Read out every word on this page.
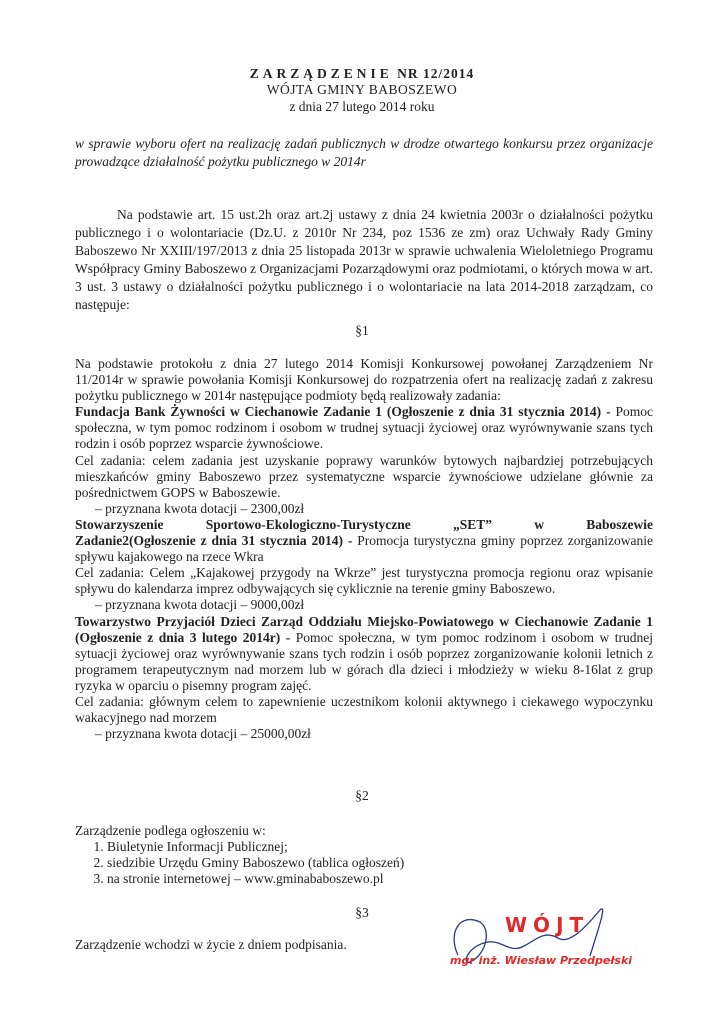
ZARZĄDZENIE NR 12/2014
WÓJTA GMINY BABOSZEWO
z dnia 27 lutego 2014 roku
w sprawie wyboru ofert na realizację zadań publicznych w drodze otwartego konkursu przez organizacje prowadzące działalność pożytku publicznego w 2014r
Na podstawie art. 15 ust.2h oraz art.2j ustawy z dnia 24 kwietnia 2003r o działalności pożytku publicznego i o wolontariacie (Dz.U. z 2010r Nr 234, poz 1536 ze zm) oraz Uchwały Rady Gminy Baboszewo Nr XXIII/197/2013 z dnia 25 listopada 2013r w sprawie uchwalenia Wieloletniego Programu Współpracy Gminy Baboszewo z Organizacjami Pozarządowymi oraz podmiotami, o których mowa w art. 3 ust. 3 ustawy o działalności pożytku publicznego i o wolontariacie na lata 2014-2018 zarządzam, co następuje:
§1

Na podstawie protokołu z dnia 27 lutego 2014 Komisji Konkursowej powołanej Zarządzeniem Nr 11/2014r w sprawie powołania Komisji Konkursowej do rozpatrzenia ofert na realizację zadań z zakresu pożytku publicznego w 2014r następujące podmioty będą realizowały zadania:

Fundacja Bank Żywności w Ciechanowie Zadanie 1 (Ogłoszenie z dnia 31 stycznia 2014) - Pomoc społeczna, w tym pomoc rodzinom i osobom w trudnej sytuacji życiowej oraz wyrównywanie szans tych rodzin i osób poprzez wsparcie żywnościowe.

Cel zadania: celem zadania jest uzyskanie poprawy warunków bytowych najbardziej potrzebujących mieszkańców gminy Baboszewo przez systematyczne wsparcie żywnościowe udzielane głównie za pośrednictwem GOPS w Baboszewie.

– przyznana kwota dotacji – 2300,00zł

Stowarzyszenie	Sportowo-Ekologiczno-Turystyczne	„SET”	w	Baboszewie

Zadanie2(Ogłoszenie z dnia 31 stycznia 2014) - Promocja turystyczna gminy poprzez zorganizowanie spływu kajakowego na rzece Wkra

Cel zadania: Celem „Kajakowej przygody na Wkrze” jest turystyczna promocja regionu oraz wpisanie spływu do kalendarza imprez odbywających się cyklicznie na terenie gminy Baboszewo.

– przyznana kwota dotacji – 9000,00zł

Towarzystwo Przyjaciół Dzieci Zarząd Oddziału Miejsko-Powiatowego w Ciechanowie Zadanie 1 (Ogłoszenie z dnia 3 lutego 2014r) - Pomoc społeczna, w tym pomoc rodzinom i osobom w trudnej sytuacji życiowej oraz wyrównywanie szans tych rodzin i osób poprzez zorganizowanie kolonii letnich z programem terapeutycznym nad morzem lub w górach dla dzieci i młodzieży w wieku 8-16lat z grup ryzyka w oparciu o pisemny program zajęć.

Cel zadania: głównym celem to zapewnienie uczestnikom kolonii aktywnego i ciekawego wypoczynku wakacyjnego nad morzem

– przyznana kwota dotacji – 25000,00zł

§2
Zarządzenie podlega ogłoszeniu w:
1. Biuletynie Informacji Publicznej;
2. siedzibie Urzędu Gminy Baboszewo (tablica ogłoszeń)
3. na stronie internetowej – www.gminababoszewo.pl
§3
Zarządzenie wchodzi w życie z dniem podpisania.
WÓJT
mgr inż. Wiesław Przedpełski
